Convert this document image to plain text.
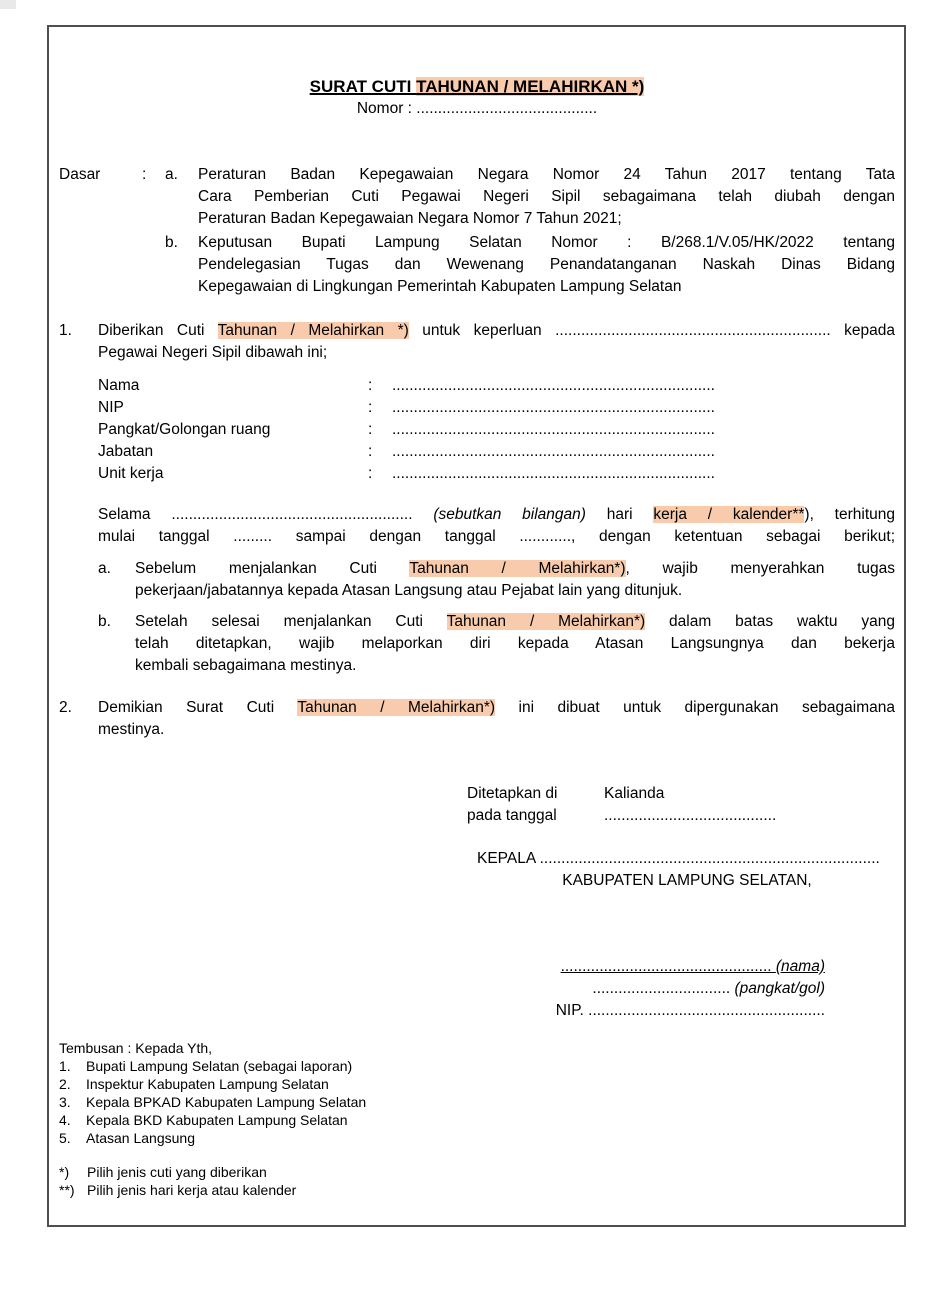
SURAT CUTI TAHUNAN / MELAHIRKAN *)
Nomor : ..........................................
Dasar	:	a.	Peraturan Badan Kepegawaian Negara Nomor 24 Tahun 2017 tentang Tata
Cara Pemberian Cuti Pegawai Negeri Sipil sebagaimana telah diubah dengan
Peraturan Badan Kepegawaian Negara Nomor 7 Tahun 2021;
b.	Keputusan Bupati Lampung Selatan Nomor : B/268.1/V.05/HK/2022 tentang
Pendelegasian Tugas dan Wewenang Penandatanganan Naskah Dinas Bidang
Kepegawaian di Lingkungan Pemerintah Kabupaten Lampung Selatan
1.	Diberikan Cuti Tahunan / Melahirkan *) untuk keperluan ................................................................ kepada
Pegawai Negeri Sipil dibawah ini;
Nama	:	...........................................................................
NIP	:	...........................................................................
Pangkat/Golongan ruang	:	...........................................................................
Jabatan	:	...........................................................................
Unit kerja	:	...........................................................................
Selama ........................................................ (sebutkan bilangan) hari kerja / kalender**), terhitung
mulai tanggal ......... sampai dengan tanggal ............, dengan ketentuan sebagai berikut;
a.	Sebelum menjalankan Cuti Tahunan / Melahirkan*), wajib menyerahkan tugas
pekerjaan/jabatannya kepada Atasan Langsung atau Pejabat lain yang ditunjuk.
b.	Setelah selesai menjalankan Cuti Tahunan / Melahirkan*) dalam batas waktu yang
telah ditetapkan, wajib melaporkan diri kepada Atasan Langsungnya dan bekerja
kembali sebagaimana mestinya.
2.	Demikian Surat Cuti Tahunan / Melahirkan*) ini dibuat untuk dipergunakan sebagaimana
mestinya.
Ditetapkan di	Kalianda
pada tanggal	........................................
KEPALA ...............................................................................
KABUPATEN LAMPUNG SELATAN,
................................................. (nama)
................................ (pangkat/gol)
NIP. .......................................................
Tembusan : Kepada Yth,
1.	Bupati Lampung Selatan (sebagai laporan)
2.	Inspektur Kabupaten Lampung Selatan
3.	Kepala BPKAD Kabupaten Lampung Selatan
4.	Kepala BKD Kabupaten Lampung Selatan
5.	Atasan Langsung
*)	Pilih jenis cuti yang diberikan
**) Pilih jenis hari kerja atau kalender
